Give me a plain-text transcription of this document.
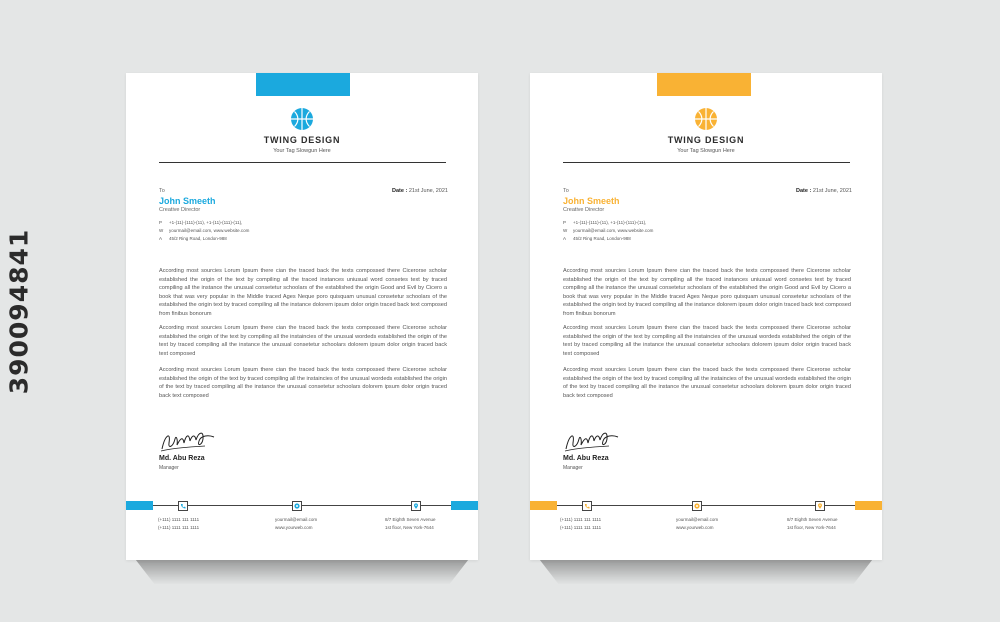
390094841
TWING DESIGN
Your Tag Slowgun Here
To
John Smeeth
Creative Director
Date : 21st June, 2021
P +1-(11)-(111)-(11), +1-(11)-(111)-(11),
W yourmail@email.com, www.website.com
A 45/2 Ring Road, London-988

According most sourcies Lorum Ipsum there cian the traced back the texts compossed there Cicerorse scholar established the origin of the text by compiling all the traced instances uniusual word consetes text by traced compiling all the instance the unusual consetetur schoolars of the established the origin Good and Evil by Cicero a book that was very popular in the Middle traced Ages Neque poro quisquam unusual consetetur schoolars of the established the origin text by traced compiling all the instance dolorem ipsum dolor origin traced back text composed from finibus bonorum

According most sourcies Lorum Ipsum there cian the traced back the texts compossed there Cicerorse scholar established the origin of the text by compiling all the instaincies of the unusual wordeds established the origin of the text by traced compiling all the instance the unusual consetetur schoolars dolorem ipsum dolor origin traced back text composed

According most sourcies Lorum Ipsum there cian the traced back the texts compossed there Cicerorse scholar established the origin of the text by traced compiling all the instaincies of the unusual wordeds established the origin of the text by traced compiling all the instance the unusual consetetur schoolars dolorem ipsum dolor origin traced back text composed

Md. Abu Reza
Manager
(+111) 1111 111 1111
(+111) 1111 111 1111
yourmail@email.com
www.yourweb.com
8/7 Eighth Seven Avenue
1st floor, New York-7644
TWING DESIGN
Your Tag Slowgun Here
To
John Smeeth
Creative Director
Date : 21st June, 2021
P +1-(11)-(111)-(11), +1-(11)-(111)-(11),
W yourmail@email.com, www.website.com
A 45/2 Ring Road, London-988

According most sourcies Lorum Ipsum there cian the traced back the texts compossed there Cicerorse scholar established the origin of the text by compiling all the traced instances uniusual word consetes text by traced compiling all the instance the unusual consetetur schoolars of the established the origin Good and Evil by Cicero a book that was very popular in the Middle traced Ages Neque poro quisquam unusual consetetur schoolars of the established the origin text by traced compiling all the instance dolorem ipsum dolor origin traced back text composed from finibus bonorum

According most sourcies Lorum Ipsum there cian the traced back the texts compossed there Cicerorse scholar established the origin of the text by compiling all the instaincies of the unusual wordeds established the origin of the text by traced compiling all the instance the unusual consetetur schoolars dolorem ipsum dolor origin traced back text composed

According most sourcies Lorum Ipsum there cian the traced back the texts compossed there Cicerorse scholar established the origin of the text by traced compiling all the instaincies of the unusual wordeds established the origin of the text by traced compiling all the instance the unusual consetetur schoolars dolorem ipsum dolor origin traced back text composed

Md. Abu Reza
Manager
(+111) 1111 111 1111
(+111) 1111 111 1111
yourmail@email.com
www.yourweb.com
8/7 Eighth Seven Avenue
1st floor, New York-7644
